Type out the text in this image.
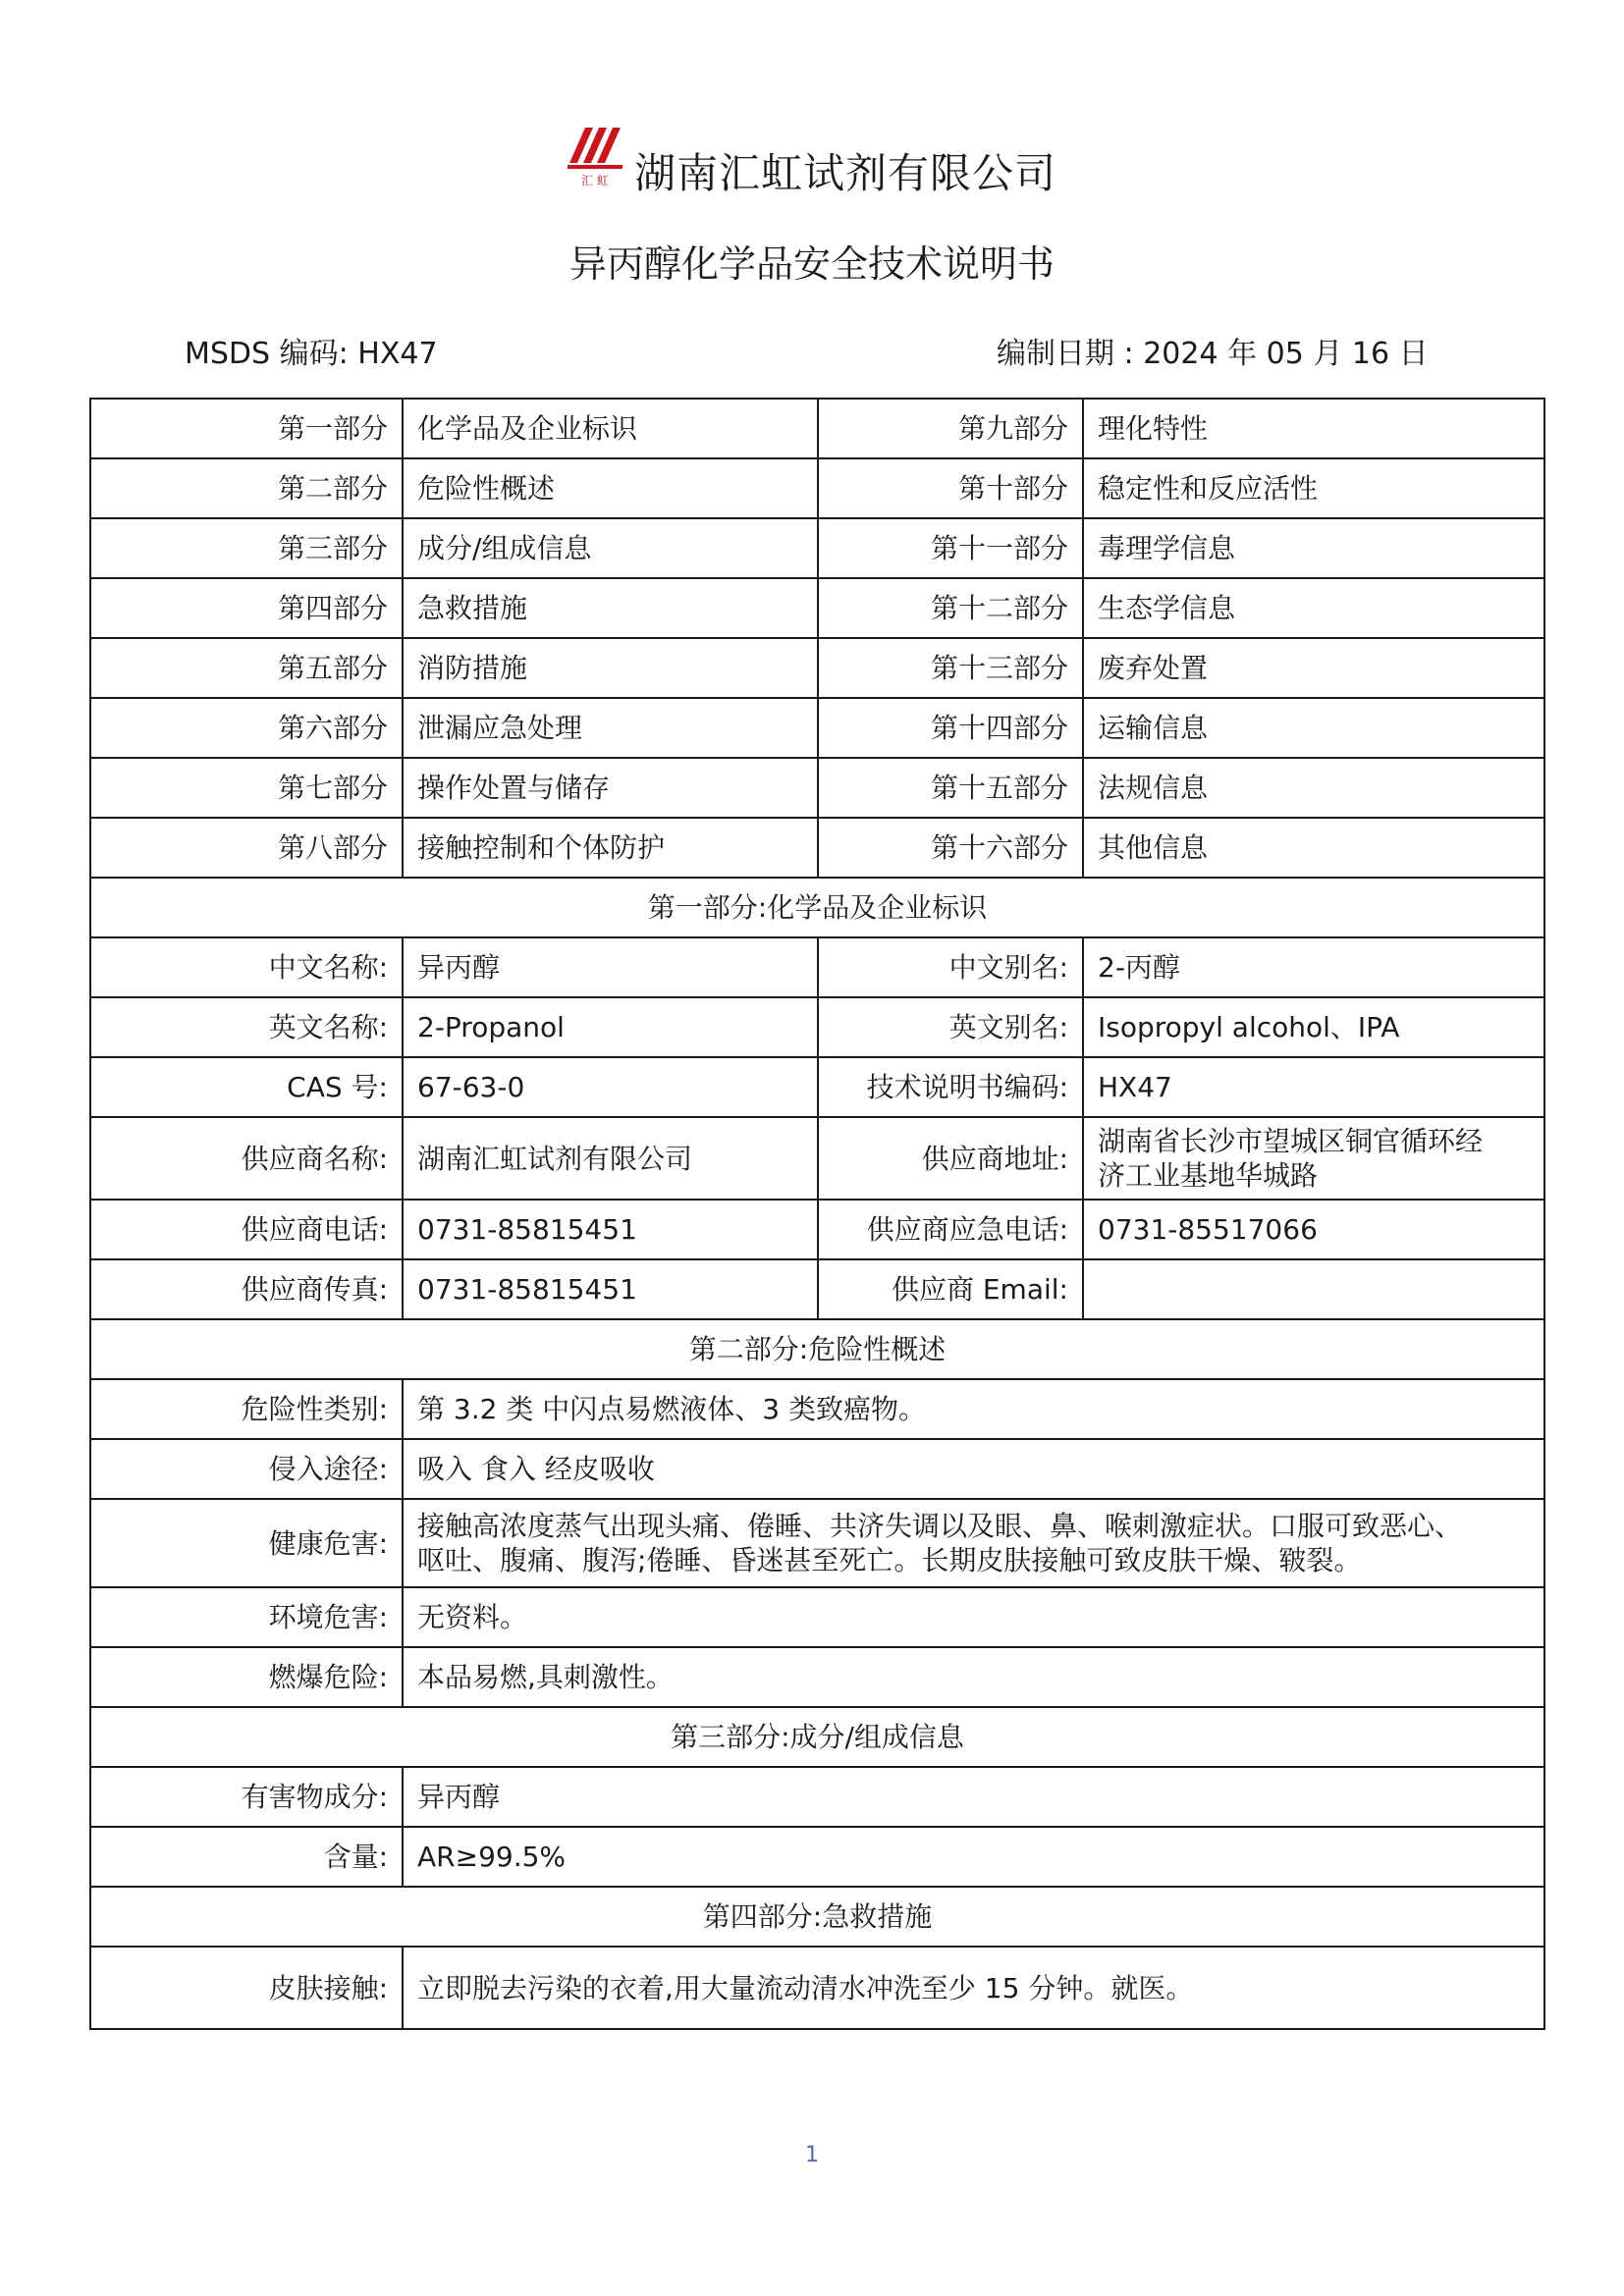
汇 虹 湖南汇虹试剂有限公司
异丙醇化学品安全技术说明书
MSDS 编码: HX47	编制日期 : 2024 年 05 月 16 日
第一部分	化学品及企业标识	第九部分	理化特性
第二部分	危险性概述	第十部分	稳定性和反应活性
第三部分	成分/组成信息	第十一部分	毒理学信息
第四部分	急救措施	第十二部分	生态学信息
第五部分	消防措施	第十三部分	废弃处置
第六部分	泄漏应急处理	第十四部分	运输信息
第七部分	操作处置与储存	第十五部分	法规信息
第八部分	接触控制和个体防护	第十六部分	其他信息
第一部分:化学品及企业标识			
中文名称:	异丙醇	中文别名:	2-丙醇
英文名称:	2-Propanol	英文别名:	Isopropyl alcohol、IPA
CAS 号:	67-63-0	技术说明书编码:	HX47
供应商名称:	湖南汇虹试剂有限公司	供应商地址:	湖南省长沙市望城区铜官循环经
济工业基地华城路

供应商电话:	0731-85815451	供应商应急电话:	0731-85517066
供应商传真:	0731-85815451	供应商 Email:	
第二部分:危险性概述			
危险性类别:	第 3.2 类 中闪点易燃液体、3 类致癌物。		
侵入途径:	吸入 食入 经皮吸收		
健康危害:	接触高浓度蒸气出现头痛、倦睡、共济失调以及眼、鼻、喉刺激症状。口服可致恶心、
呕吐、腹痛、腹泻;倦睡、昏迷甚至死亡。长期皮肤接触可致皮肤干燥、皲裂。		

环境危害:	无资料。		
燃爆危险:	本品易燃,具刺激性。		
第三部分:成分/组成信息			
有害物成分:	异丙醇		
含量:	AR≥99.5%		
第四部分:急救措施			
皮肤接触:	立即脱去污染的衣着,用大量流动清水冲洗至少 15 分钟。就医。		
1
